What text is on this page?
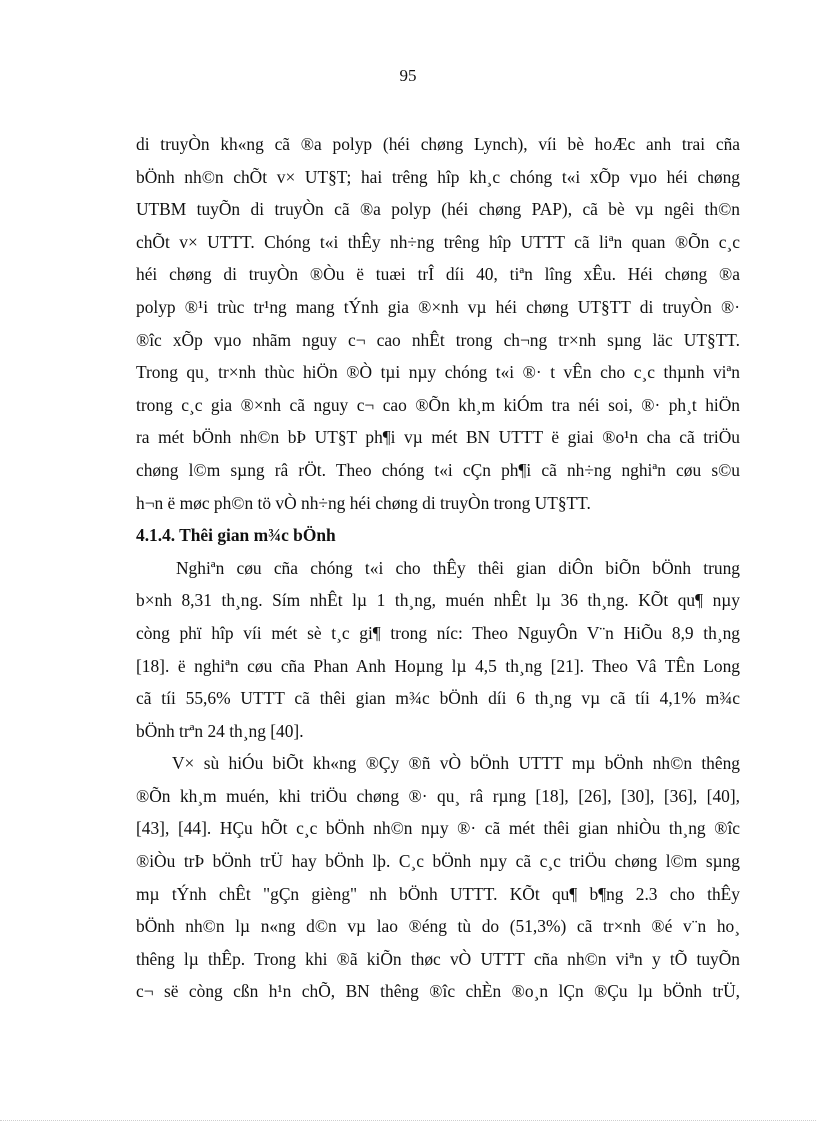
95
di truyÒn kh«ng cã ®a polyp (héi chøng Lynch), víi bè hoÆc anh trai cña
bÖnh nh©n chÕt v× UT§T; hai trêng hîp kh¸c chóng t«i xÕp vµo héi chøng
UTBM tuyÕn di truyÒn cã ®a polyp (héi chøng PAP), cã bè vµ ngêi th©n
chÕt v× UTTT. Chóng t«i thÊy nh÷ng trêng hîp UTTT cã liªn quan ®Õn c¸c
héi chøng di truyÒn ®Òu ë tuæi trÎ díi 40, tiªn lîng xÊu. Héi chøng ®a
polyp ®¹i trùc tr¹ng mang tÝnh gia ®×nh vµ héi chøng UT§TT di truyÒn ®·
®îc xÕp vµo nhãm nguy c¬ cao nhÊt trong ch¬ng tr×nh sµng läc UT§TT.
Trong qu¸ tr×nh thùc hiÖn ®Ò tµi nµy chóng t«i ®· t vÊn cho c¸c thµnh viªn
trong c¸c gia ®×nh cã nguy c¬ cao ®Õn kh¸m kiÓm tra néi soi, ®· ph¸t hiÖn
ra mét bÖnh nh©n bÞ UT§T ph¶i vµ mét BN UTTT ë giai ®o¹n cha cã triÖu
chøng l©m sµng râ rÖt. Theo chóng t«i cÇn ph¶i cã nh÷ng nghiªn cøu s©u
h¬n ë møc ph©n tö vÒ nh÷ng héi chøng di truyÒn trong UT§TT.
4.1.4. Thêi gian m¾c bÖnh
Nghiªn cøu cña chóng t«i cho thÊy thêi gian diÔn biÕn bÖnh trung
b×nh 8,31 th¸ng. Sím nhÊt lµ 1 th¸ng, muén nhÊt lµ 36 th¸ng. KÕt qu¶ nµy
còng phï hîp víi mét sè t¸c gi¶ trong níc: Theo NguyÔn V¨n HiÕu 8,9 th¸ng
[18]. ë nghiªn cøu cña Phan Anh Hoµng lµ 4,5 th¸ng [21]. Theo Vâ TÊn Long
cã tíi 55,6% UTTT cã thêi gian m¾c bÖnh díi 6 th¸ng vµ cã tíi 4,1% m¾c
bÖnh trªn 24 th¸ng [40].
V× sù hiÓu biÕt kh«ng ®Çy ®ñ vÒ bÖnh UTTT mµ bÖnh nh©n thêng
®Õn kh¸m muén, khi triÖu chøng ®· qu¸ râ rµng [18], [26], [30], [36], [40],
[43], [44]. HÇu hÕt c¸c bÖnh nh©n nµy ®· cã mét thêi gian nhiÒu th¸ng ®îc
®iÒu trÞ bÖnh trÜ hay bÖnh lþ. C¸c bÖnh nµy cã c¸c triÖu chøng l©m sµng
mµ tÝnh chÊt "gÇn gièng" nh bÖnh UTTT. KÕt qu¶ b¶ng 2.3 cho thÊy
bÖnh nh©n lµ n«ng d©n vµ lao ®éng tù do (51,3%) cã tr×nh ®é v¨n ho¸
thêng lµ thÊp. Trong khi ®ã kiÕn thøc vÒ UTTT cña nh©n viªn y tÕ tuyÕn
c¬ së còng cßn h¹n chÕ, BN thêng ®îc chÈn ®o¸n lÇn ®Çu lµ bÖnh trÜ,
